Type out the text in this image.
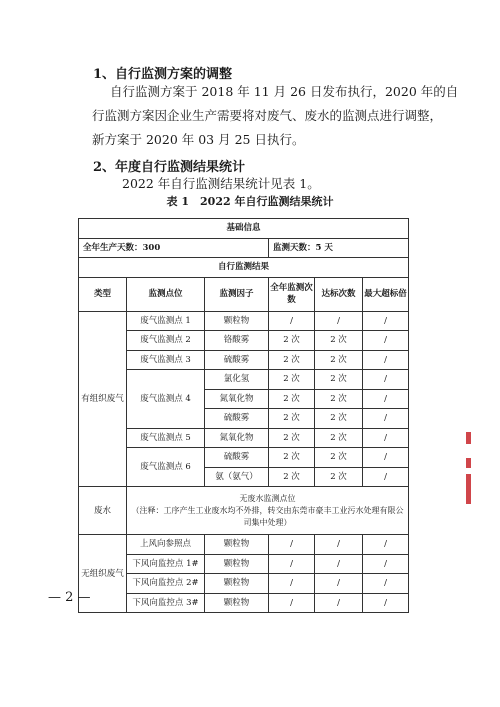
1、自行监测方案的调整
自行监测方案于 2018 年 11 月 26 日发布执行，2020 年的自
行监测方案因企业生产需要将对废气、废水的监测点进行调整，
新方案于 2020 年 03 月 25 日执行。
2、年度自行监测结果统计
2022 年自行监测结果统计见表 1。
表 1　2022 年自行监测结果统计
基础信息					
全年生产天数：300			监测天数：5 天		
自行监测结果					
类型	监测点位	监测因子	全年监测次数	达标次数	最大超标倍
有组织废气	废气监测点 1	颗粒物	/	/	/
	废气监测点 2	铬酸雾	2 次	2 次	/
	废气监测点 3	硫酸雾	2 次	2 次	/
	废气监测点 4	氯化氢	2 次	2 次	/
		氮氧化物	2 次	2 次	/
		硫酸雾	2 次	2 次	/
	废气监测点 5	氮氧化物	2 次	2 次	/
	废气监测点 6	硫酸雾	2 次	2 次	/
		氨（氨气）	2 次	2 次	/
废水	无废水监测点位
（注释：工序产生工业废水均不外排，转交由东莞市豪丰工业污水处理有限公司集中处理）				

无组织废气	上风向参照点	颗粒物	/	/	/
	下风向监控点 1#	颗粒物	/	/	/
	下风向监控点 2#	颗粒物	/	/	/
	下风向监控点 3#	颗粒物	/	/	/
— 2 —
